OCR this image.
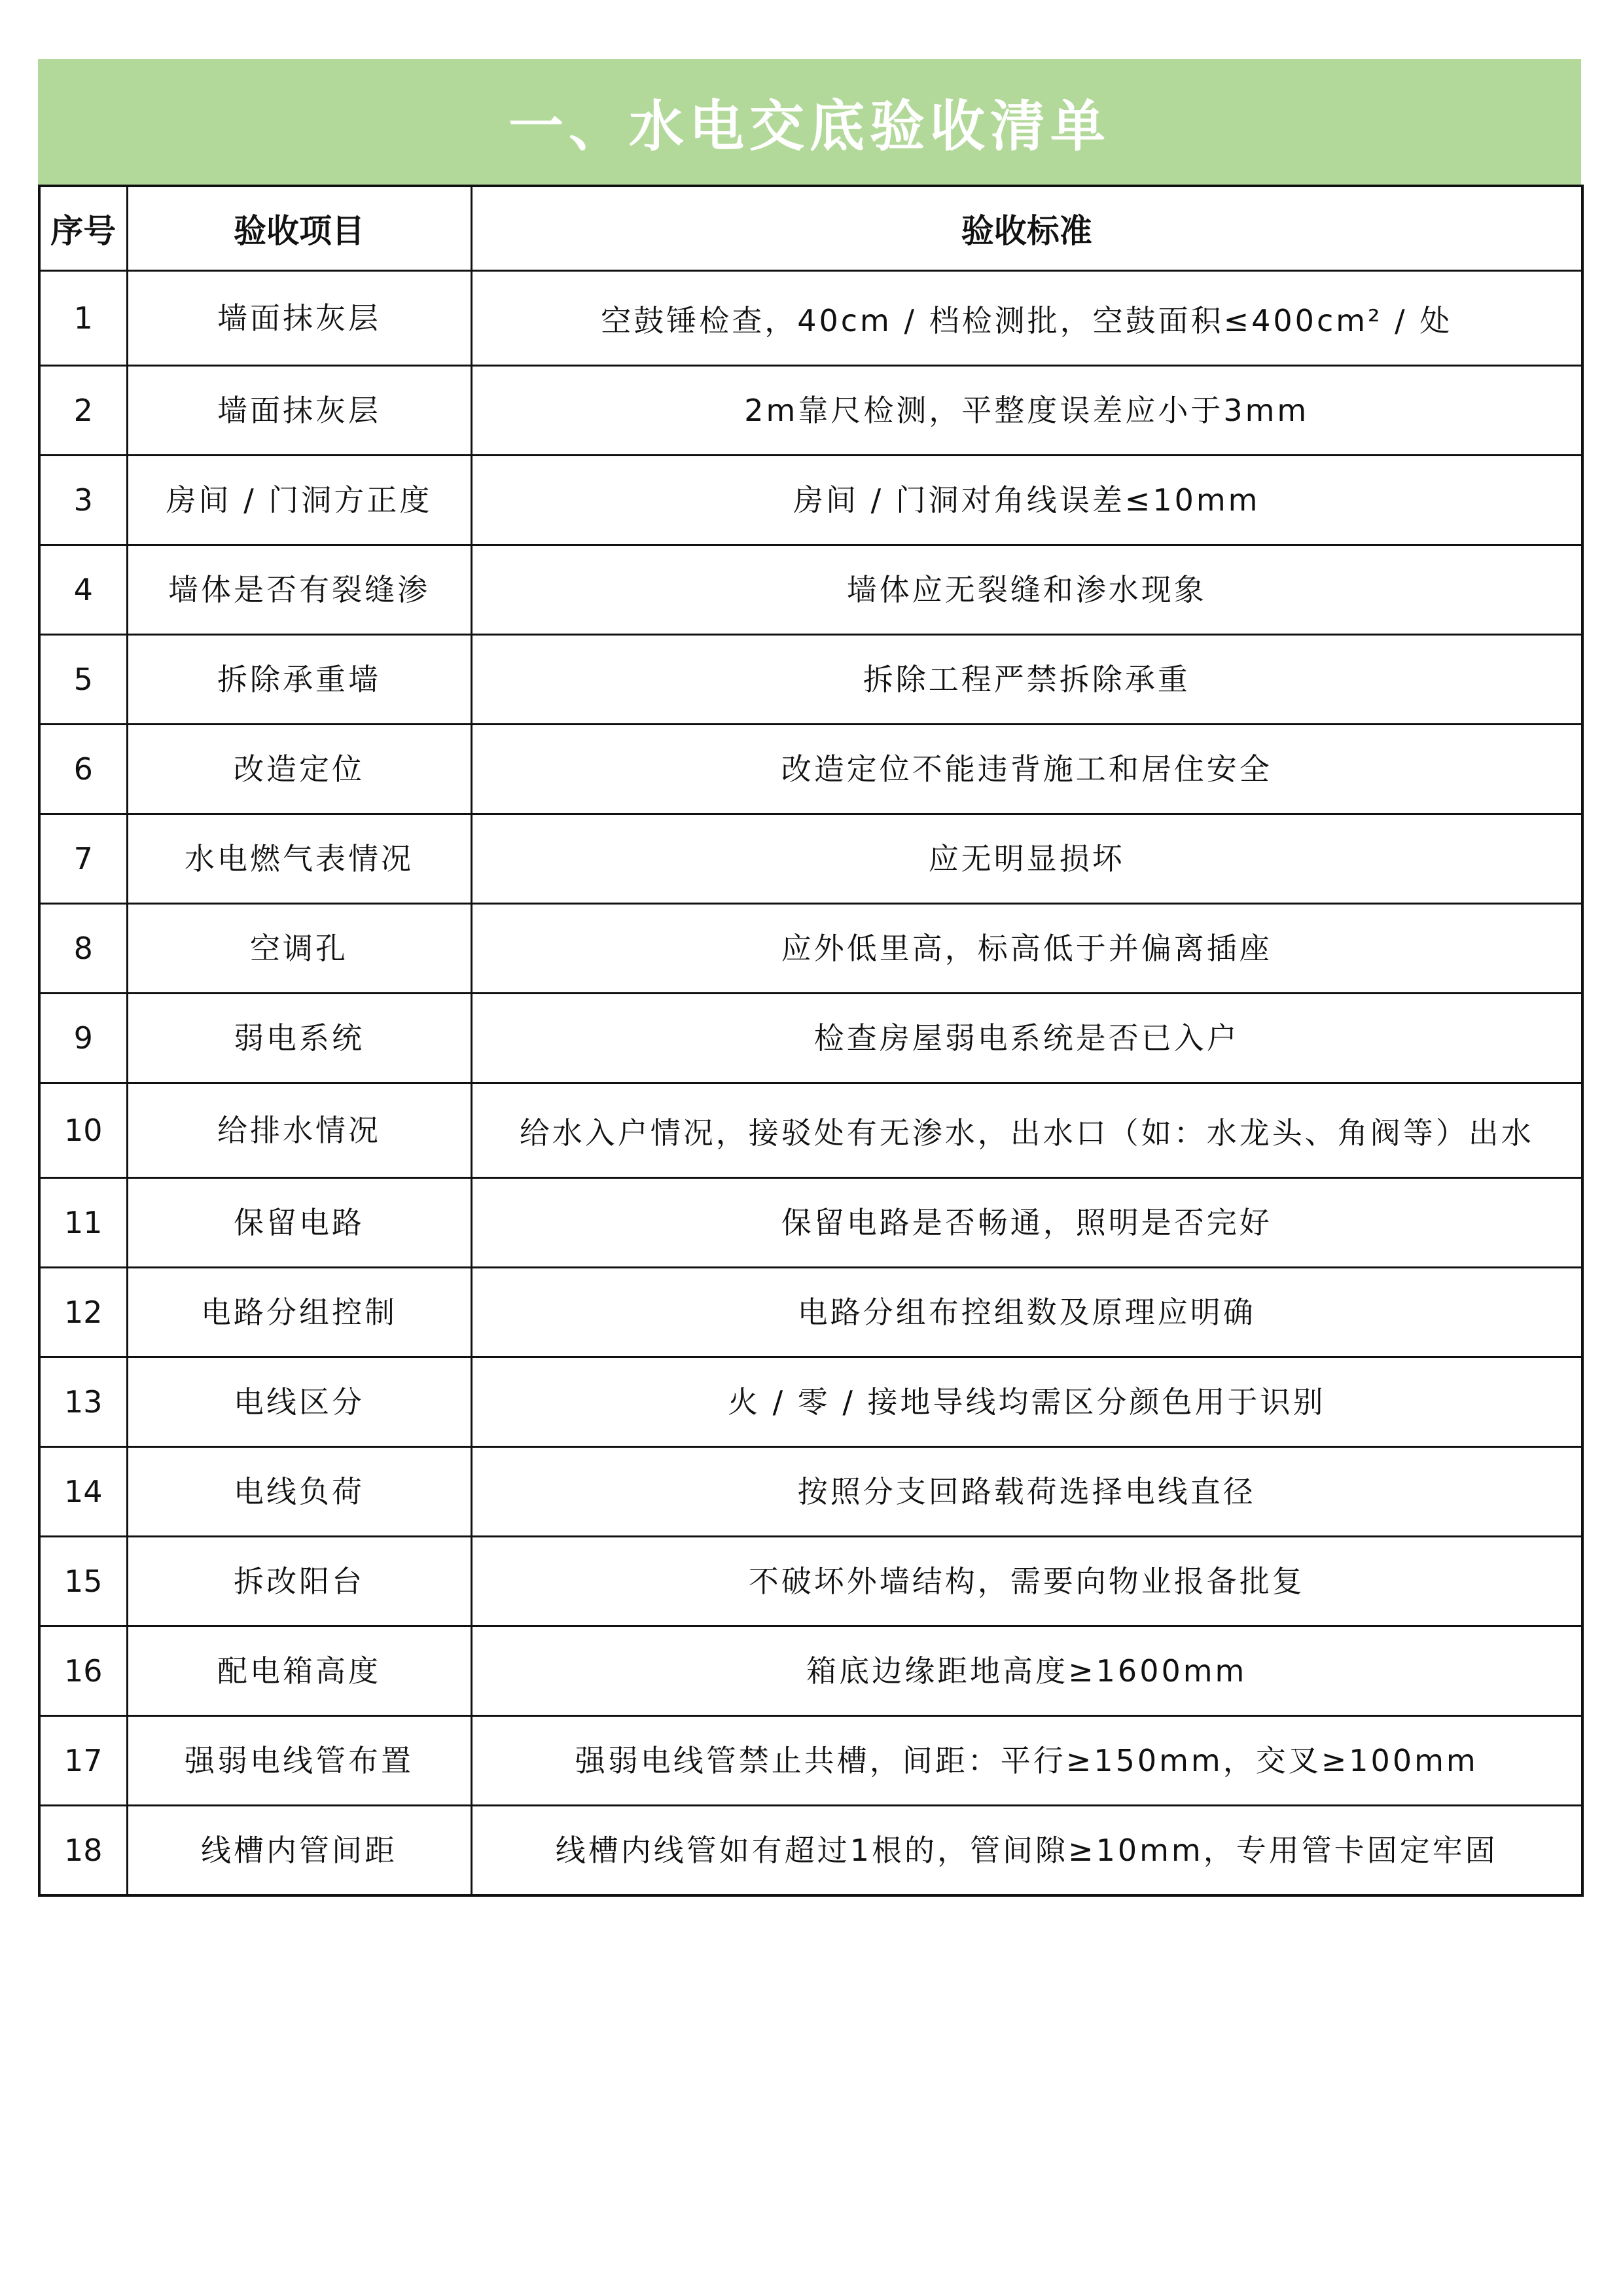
一、水电交底验收清单
序号	验收项目	验收标准
1	墙面抹灰层	空鼓锤检查，40cm / 档检测批，空鼓面积≤400cm² / 处

2	墙面抹灰层	2m靠尺检测，平整度误差应小于3mm
3	房间 / 门洞方正度	房间 / 门洞对角线误差≤10mm
4	墙体是否有裂缝渗	墙体应无裂缝和渗水现象
5	拆除承重墙	拆除工程严禁拆除承重
6	改造定位	改造定位不能违背施工和居住安全
7	水电燃气表情况	应无明显损坏
8	空调孔	应外低里高，标高低于并偏离插座
9	弱电系统	检查房屋弱电系统是否已入户
10	给排水情况	给水入户情况，接驳处有无渗水，出水口（如：水龙头、角阀等）出水

11	保留电路	保留电路是否畅通，照明是否完好
12	电路分组控制	电路分组布控组数及原理应明确
13	电线区分	火 / 零 / 接地导线均需区分颜色用于识别
14	电线负荷	按照分支回路载荷选择电线直径
15	拆改阳台	不破坏外墙结构，需要向物业报备批复
16	配电箱高度	箱底边缘距地高度≥1600mm
17	强弱电线管布置	强弱电线管禁止共槽，间距：平行≥150mm，交叉≥100mm
18	线槽内管间距	线槽内线管如有超过1根的，管间隙≥10mm，专用管卡固定牢固
